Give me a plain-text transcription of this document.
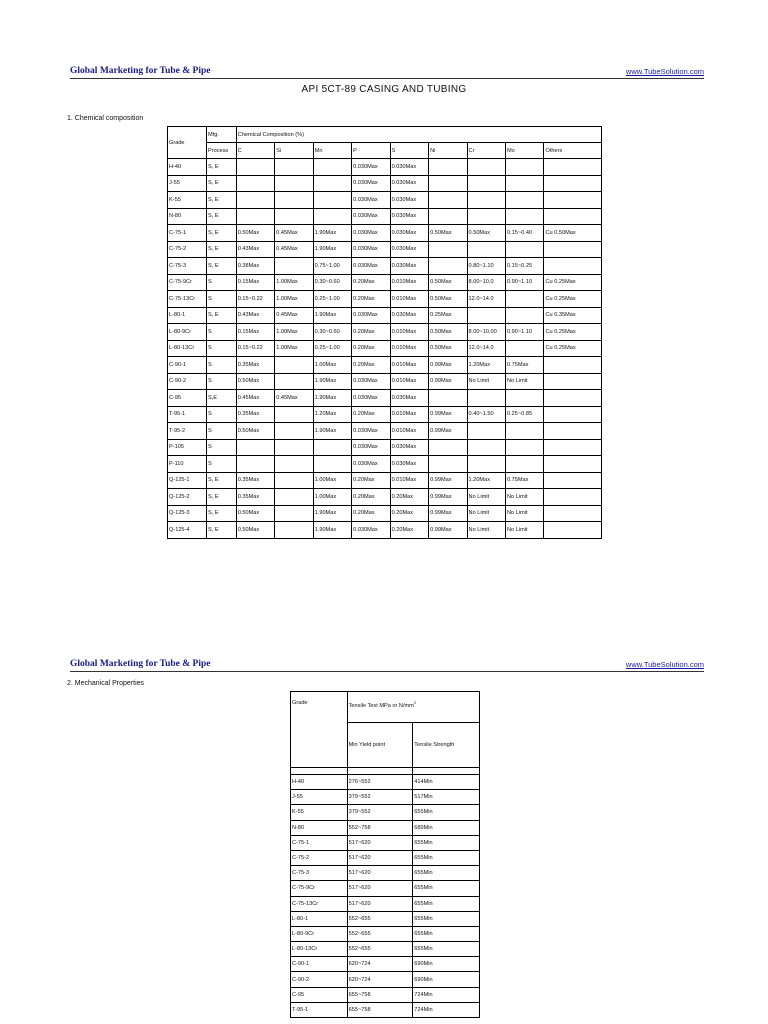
Global Marketing for Tube & Pipe	www.TubeSolution.com
API 5CT-89 CASING AND TUBING
1. Chemical composition
Grade	Mfg.	Chemical Composition (%)								
	Process	C	Si	Mn	P	S	Ni	Cr	Mo	Others
H-40	S, E				0.030Max	0.030Max				
J-55	S, E				0.030Max	0.030Max				
K-55	S, E				0.030Max	0.030Max				
N-80	S, E				0.030Max	0.030Max				
C-75-1	S, E	0.50Max	0.45Max	1.90Max	0.030Max	0.030Max	0.50Max	0.50Max	0.15~0.40	Cu 0.50Max
C-75-2	S, E	0.43Max	0.45Max	1.90Max	0.030Max	0.030Max				
C-75-3	S, E	0.38Max		0.75~1.00	0.030Max	0.030Max		0.80~1.10	0.15~0.25	
C-75-9Cr	S	0.15Max	1.00Max	0.30~0.60	0.20Max	0.010Max	0.50Max	8.00~10.0	0.90~1.10	Cu 0.25Max
C-75-13Cr	S	0.15~0.22	1.00Max	0.25~1.00	0.20Max	0.010Max	0.50Max	12.0~14.0		Cu 0.25Max
L-80-1	S, E	0.43Max	0.45Max	1.90Max	0.030Max	0.030Max	0.25Max			Cu 0.35Max
L-80-9Cr	S	0.15Max	1.00Max	0.30~0.60	0.20Max	0.010Max	0.50Max	8.00~10.00	0.90~1.10	Cu 0.25Max
L-80-13Cr	S	0.15~0.22	1.00Max	0.25~1.00	0.20Max	0.010Max	0.50Max	12.0~14.0		Cu 0.25Max
C-90-1	S	0.35Max		1.00Max	0.20Max	0.010Max	0.99Max	1.20Max	0.75Max	
C-90-2	S	0.50Max		1.90Max	0.030Max	0.010Max	0.99Max	No Limit	No Limit	
C-95	S,E	0.45Max	0.45Max	1.90Max	0.030Max	0.030Max				
T-95-1	S	0.35Max		1.20Max	0.20Max	0.010Max	0.99Max	0.40~1.50	0.25~0.85	
T-95-2	S	0.50Max		1.90Max	0.030Max	0.010Max	0.99Max			
P-105	S				0.030Max	0.030Max				
P-110	S				0.030Max	0.030Max				
Q-125-1	S, E	0.35Max		1.00Max	0.20Max	0.010Max	0.99Max	1.20Max	0.75Max	
Q-125-2	S, E	0.35Max		1.00Max	0.20Max	0.20Max	0.99Max	No Limit	No Limit	
Q-125-3	S, E	0.50Max		1.90Max	0.20Max	0.20Max	0.99Max	No Limit	No Limit	
Q-125-4	S, E	0.50Max		1.90Max	0.030Max	0.20Max	0.99Max	No Limit	No Limit	
Global Marketing for Tube & Pipe	www.TubeSolution.com
2. Mechanical Properties
Grade	Tensile Test MPa or $N/mm^2$
	Min Yield point	Tensile Strength

H-40	276~552	414Min
J-55	379~552	517Min
K-55	379~552	655Min
N-80	552~758	689Min
C-75-1	517~620	655Min
C-75-2	517~620	655Min
C-75-3	517~620	655Min
C-75-9Cr	517~620	655Min
C-75-13Cr	517~620	655Min
L-80-1	552~655	655Min
L-80-9Cr	552~655	655Min
L-80-13Cr	552~655	655Min
C-90-1	620~724	690Min
C-90-2	620~724	690Min
C-95	655~758	724Min
T-95-1	655~758	724Min
